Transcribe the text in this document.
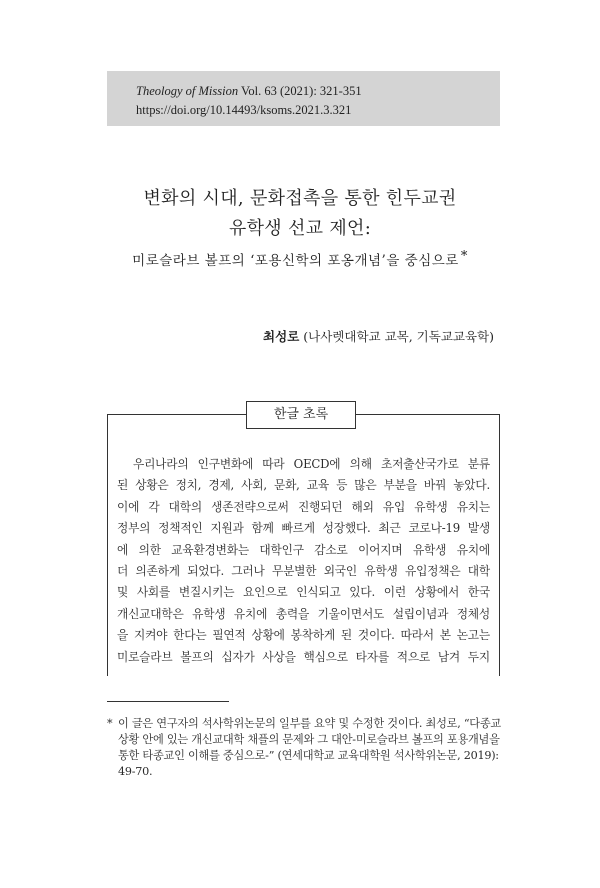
Theology of Mission Vol. 63 (2021): 321-351
https://doi.org/10.14493/ksoms.2021.3.321
변화의 시대, 문화접촉을 통한 힌두교권
유학생 선교 제언:
미로슬라브 볼프의 ‘포용신학의 포옹개념’을 중심으로 *
최성로 (나사렛대학교 교목, 기독교교육학)
한글 초록
우리나라의 인구변화에 따라 OECD에 의해 초저출산국가로 분류
된 상황은 정치, 경제, 사회, 문화, 교육 등 많은 부분을 바꿔 놓았다.
이에 각 대학의 생존전략으로써 진행되던 해외 유입 유학생 유치는
정부의 정책적인 지원과 함께 빠르게 성장했다. 최근 코로나-19 발생
에 의한 교육환경변화는 대학인구 감소로 이어지며 유학생 유치에
더 의존하게 되었다. 그러나 무분별한 외국인 유학생 유입정책은 대학
및 사회를 변질시키는 요인으로 인식되고 있다. 이런 상황에서 한국
개신교대학은 유학생 유치에 총력을 기울이면서도 설립이념과 정체성
을 지켜야 한다는 필연적 상황에 봉착하게 된 것이다. 따라서 본 논고는
미로슬라브 볼프의 십자가 사상을 핵심으로 타자를 적으로 남겨 두지
* 이 글은 연구자의 석사학위논문의 일부를 요약 및 수정한 것이다. 최성로, “다종교
상황 안에 있는 개신교대학 채플의 문제와 그 대안-미로슬라브 볼프의 포용개념을
통한 타종교인 이해를 중심으로-” (연세대학교 교육대학원 석사학위논문, 2019):
49-70.
